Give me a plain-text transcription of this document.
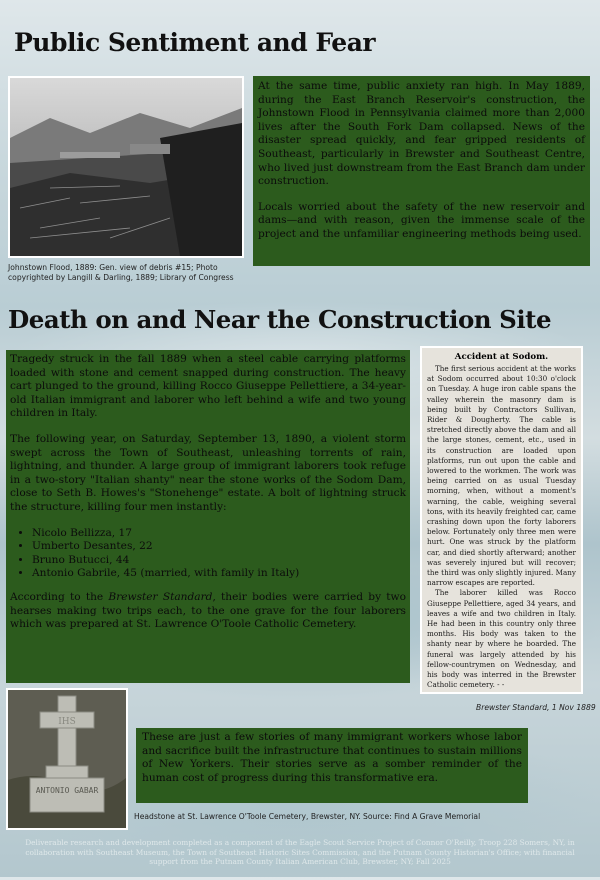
Public Sentiment and Fear

At the same time, public anxiety ran high. In May 1889, during the East Branch Reservoir's construction, the Johnstown Flood in Pennsylvania claimed more than 2,000 lives after the South Fork Dam collapsed. News of the disaster spread quickly, and fear gripped residents of Southeast, particularly in Brewster and Southeast Centre, who lived just downstream from the East Branch dam under construction.

Locals worried about the safety of the new reservoir and dams—and with reason, given the immense scale of the project and the unfamiliar engineering methods being used.

Johnstown Flood, 1889: Gen. view of debris #15; Photo copyrighted by Langill & Darling, 1889; Library of Congress
Death on and Near the Construction Site

Tragedy struck in the fall 1889 when a steel cable carrying platforms loaded with stone and cement snapped during construction. The heavy cart plunged to the ground, killing Rocco Giuseppe Pellettiere, a 34-year-old Italian immigrant and laborer who left behind a wife and two young children in Italy.

The following year, on Saturday, September 13, 1890, a violent storm swept across the Town of Southeast, unleashing torrents of rain, lightning, and thunder. A large group of immigrant laborers took refuge in a two-story "Italian shanty" near the stone works of the Sodom Dam, close to Seth B. Howes's "Stonehenge" estate. A bolt of lightning struck the structure, killing four men instantly:

• Nicolo Bellizza, 17
• Umberto Desantes, 22
• Bruno Butucci, 44
• Antonio Gabrile, 45 (married, with family in Italy)

According to the Brewster Standard, their bodies were carried by two hearses making two trips each, to the one grave for the four laborers which was prepared at St. Lawrence O'Toole Catholic Cemetery.

Accident at Sodom.
The first serious accident at the works at Sodom occurred about 10:30 o'clock on Tuesday. A huge iron cable spans the valley wherein the masonry dam is being built by Contractors Sullivan, Rider & Dougherty. The cable is stretched directly above the dam and all the large stones, cement, etc., used in its construction are loaded upon platforms, run out upon the cable and lowered to the workmen. The work was being carried on as usual Tuesday morning, when, without a moment's warning, the cable, weighing several tons, with its heavily freighted car, came crashing down upon the forty laborers below. Fortunately only three men were hurt. One was struck by the platform car, and died shortly afterward; another was severely injured but will recover; the third was only slightly injured. Many narrow escapes are reported.
The laborer killed was Rocco Giuseppe Pellettiere, aged 34 years, and leaves a wife and two children in Italy. He had been in this country only three months. His body was taken to the shanty near by where he boarded. The funeral was largely attended by his fellow-countrymen on Wednesday, and his body was interred in the Brewster Catholic cemetery. - -
Brewster Standard, 1 Nov 1889
ANTONIO GABAR
IHS

These are just a few stories of many immigrant workers whose labor and sacrifice built the infrastructure that continues to sustain millions of New Yorkers. Their stories serve as a somber reminder of the human cost of progress during this transformative era.

Headstone at St. Lawrence O'Toole Cemetery, Brewster, NY. Source: Find A Grave Memorial
Deliverable research and development completed as a component of the Eagle Scout Service Project of Connor O'Reilly, Troop 228 Somers, NY, in collaboration with Southeast Museum, the Town of Southeast Historic Sites Commission, and the Putnam County Historian's Office; with financial support from the Putnam County Italian American Club, Brewster, NY; Fall 2025
